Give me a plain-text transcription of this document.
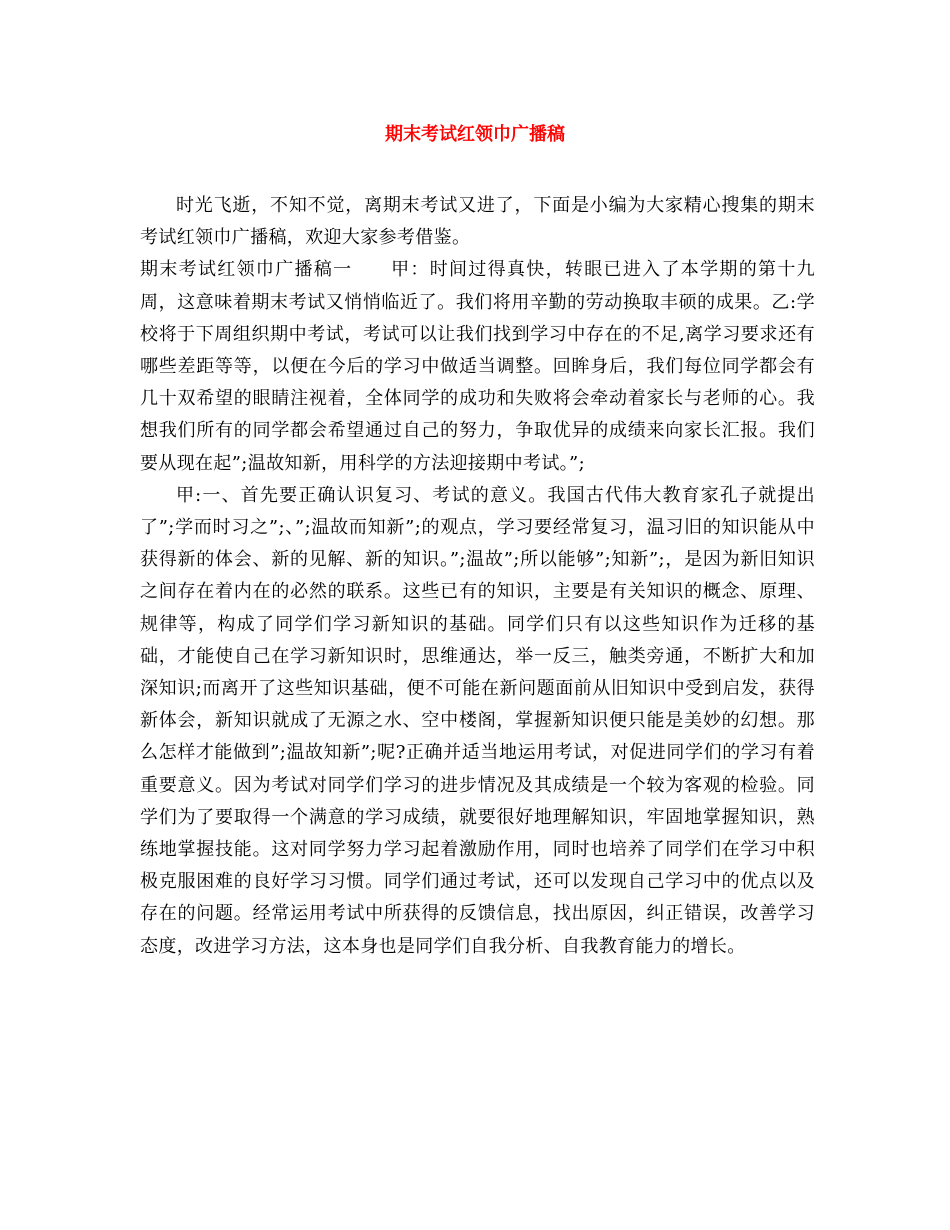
期末考试红领巾广播稿

时光飞逝，不知不觉，离期末考试又进了，下面是小编为大家精心搜集的期末考试红领巾广播稿，欢迎大家参考借鉴。

期末考试红领巾广播稿一　　甲：时间过得真快，转眼已进入了本学期的第十九周，这意味着期末考试又悄悄临近了。我们将用辛勤的劳动换取丰硕的成果。乙:学校将于下周组织期中考试，考试可以让我们找到学习中存在的不足,离学习要求还有哪些差距等等，以便在今后的学习中做适当调整。回眸身后，我们每位同学都会有几十双希望的眼睛注视着，全体同学的成功和失败将会牵动着家长与老师的心。我想我们所有的同学都会希望通过自己的努力，争取优异的成绩来向家长汇报。我们要从现在起”;温故知新，用科学的方法迎接期中考试。”;

甲:一、首先要正确认识复习、考试的意义。我国古代伟大教育家孔子就提出了”;学而时习之”;、”;温故而知新”;的观点，学习要经常复习，温习旧的知识能从中获得新的体会、新的见解、新的知识。”;温故”;所以能够”;知新”;，是因为新旧知识之间存在着内在的必然的联系。这些已有的知识，主要是有关知识的概念、原理、规律等，构成了同学们学习新知识的基础。同学们只有以这些知识作为迁移的基础，才能使自己在学习新知识时，思维通达，举一反三，触类旁通，不断扩大和加深知识;而离开了这些知识基础，便不可能在新问题面前从旧知识中受到启发，获得新体会，新知识就成了无源之水、空中楼阁，掌握新知识便只能是美妙的幻想。那么怎样才能做到”;温故知新”;呢?正确并适当地运用考试，对促进同学们的学习有着重要意义。因为考试对同学们学习的进步情况及其成绩是一个较为客观的检验。同学们为了要取得一个满意的学习成绩，就要很好地理解知识，牢固地掌握知识，熟练地掌握技能。这对同学努力学习起着激励作用，同时也培养了同学们在学习中积极克服困难的良好学习习惯。同学们通过考试，还可以发现自己学习中的优点以及存在的问题。经常运用考试中所获得的反馈信息，找出原因，纠正错误，改善学习态度，改进学习方法，这本身也是同学们自我分析、自我教育能力的增长。
